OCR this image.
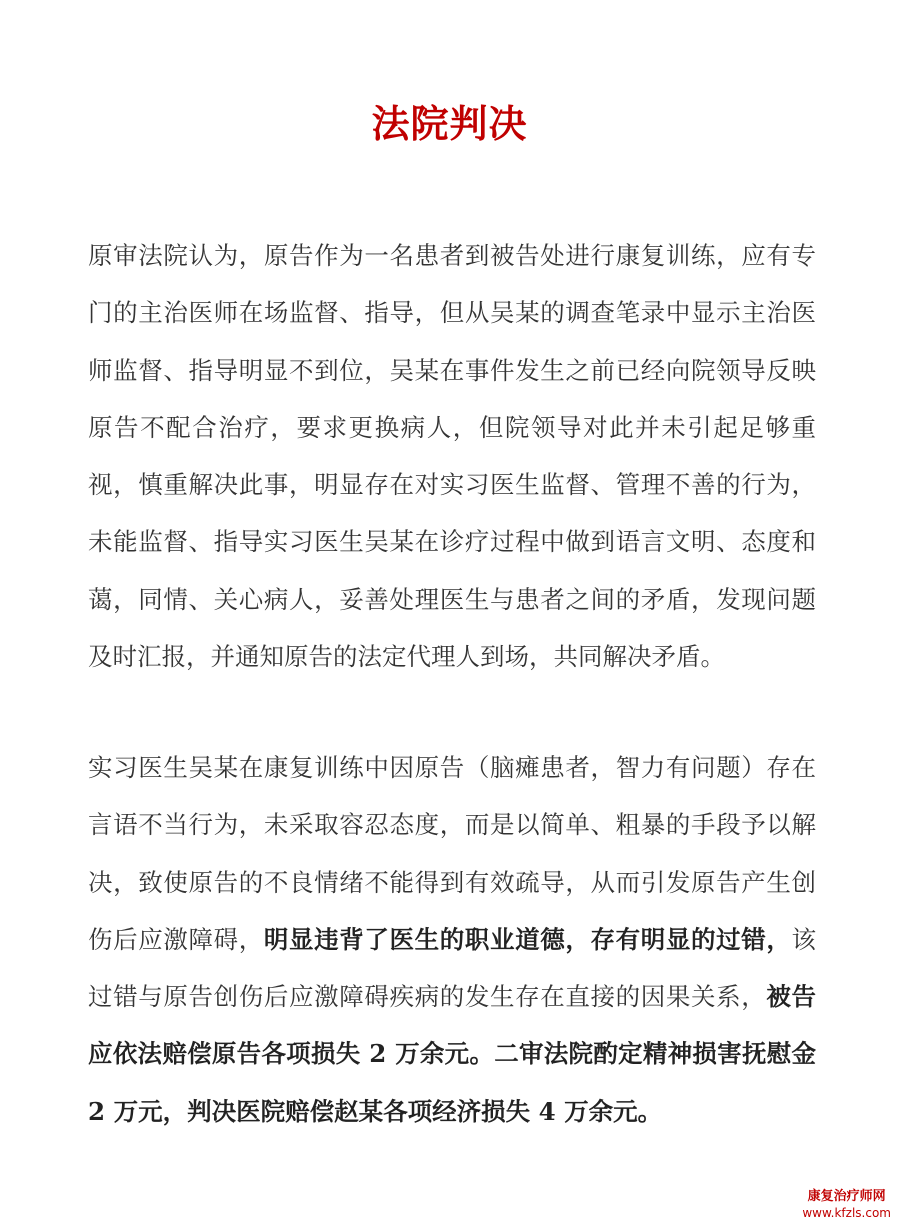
法院判决

原审法院认为，原告作为一名患者到被告处进行康复训练，应有专门的主治医师在场监督、指导，但从吴某的调查笔录中显示主治医师监督、指导明显不到位，吴某在事件发生之前已经向院领导反映原告不配合治疗，要求更换病人，但院领导对此并未引起足够重视，慎重解决此事，明显存在对实习医生监督、管理不善的行为，未能监督、指导实习医生吴某在诊疗过程中做到语言文明、态度和蔼，同情、关心病人，妥善处理医生与患者之间的矛盾，发现问题及时汇报，并通知原告的法定代理人到场，共同解决矛盾。

实习医生吴某在康复训练中因原告（脑瘫患者，智力有问题）存在言语不当行为，未采取容忍态度，而是以简单、粗暴的手段予以解决，致使原告的不良情绪不能得到有效疏导，从而引发原告产生创伤后应激障碍，明显违背了医生的职业道德，存有明显的过错，该过错与原告创伤后应激障碍疾病的发生存在直接的因果关系，被告应依法赔偿原告各项损失 2 万余元。二审法院酌定精神损害抚慰金 2 万元，判决医院赔偿赵某各项经济损失 4 万余元。

康复治疗师网
www.kfzls.com
